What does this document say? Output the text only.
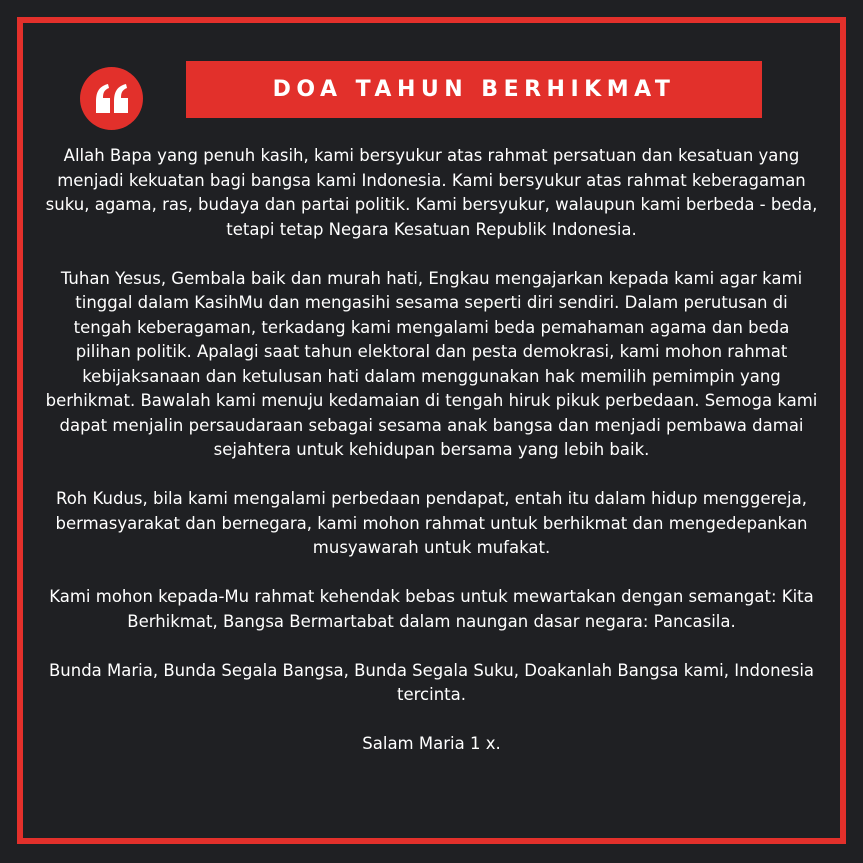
DOA TAHUN BERHIKMAT

Allah Bapa yang penuh kasih, kami bersyukur atas rahmat persatuan dan kesatuan yang menjadi kekuatan bagi bangsa kami Indonesia. Kami bersyukur atas rahmat keberagaman suku, agama, ras, budaya dan partai politik. Kami bersyukur, walaupun kami berbeda - beda, tetapi tetap Negara Kesatuan Republik Indonesia.

Tuhan Yesus, Gembala baik dan murah hati, Engkau mengajarkan kepada kami agar kami tinggal dalam KasihMu dan mengasihi sesama seperti diri sendiri. Dalam perutusan di tengah keberagaman, terkadang kami mengalami beda pemahaman agama dan beda pilihan politik. Apalagi saat tahun elektoral dan pesta demokrasi, kami mohon rahmat kebijaksanaan dan ketulusan hati dalam menggunakan hak memilih pemimpin yang berhikmat. Bawalah kami menuju kedamaian di tengah hiruk pikuk perbedaan. Semoga kami dapat menjalin persaudaraan sebagai sesama anak bangsa dan menjadi pembawa damai sejahtera untuk kehidupan bersama yang lebih baik.

Roh Kudus, bila kami mengalami perbedaan pendapat, entah itu dalam hidup menggereja, bermasyarakat dan bernegara, kami mohon rahmat untuk berhikmat dan mengedepankan musyawarah untuk mufakat.

Kami mohon kepada-Mu rahmat kehendak bebas untuk mewartakan dengan semangat: Kita Berhikmat, Bangsa Bermartabat dalam naungan dasar negara: Pancasila.

Bunda Maria, Bunda Segala Bangsa, Bunda Segala Suku, Doakanlah Bangsa kami, Indonesia tercinta.

Salam Maria 1 x.
